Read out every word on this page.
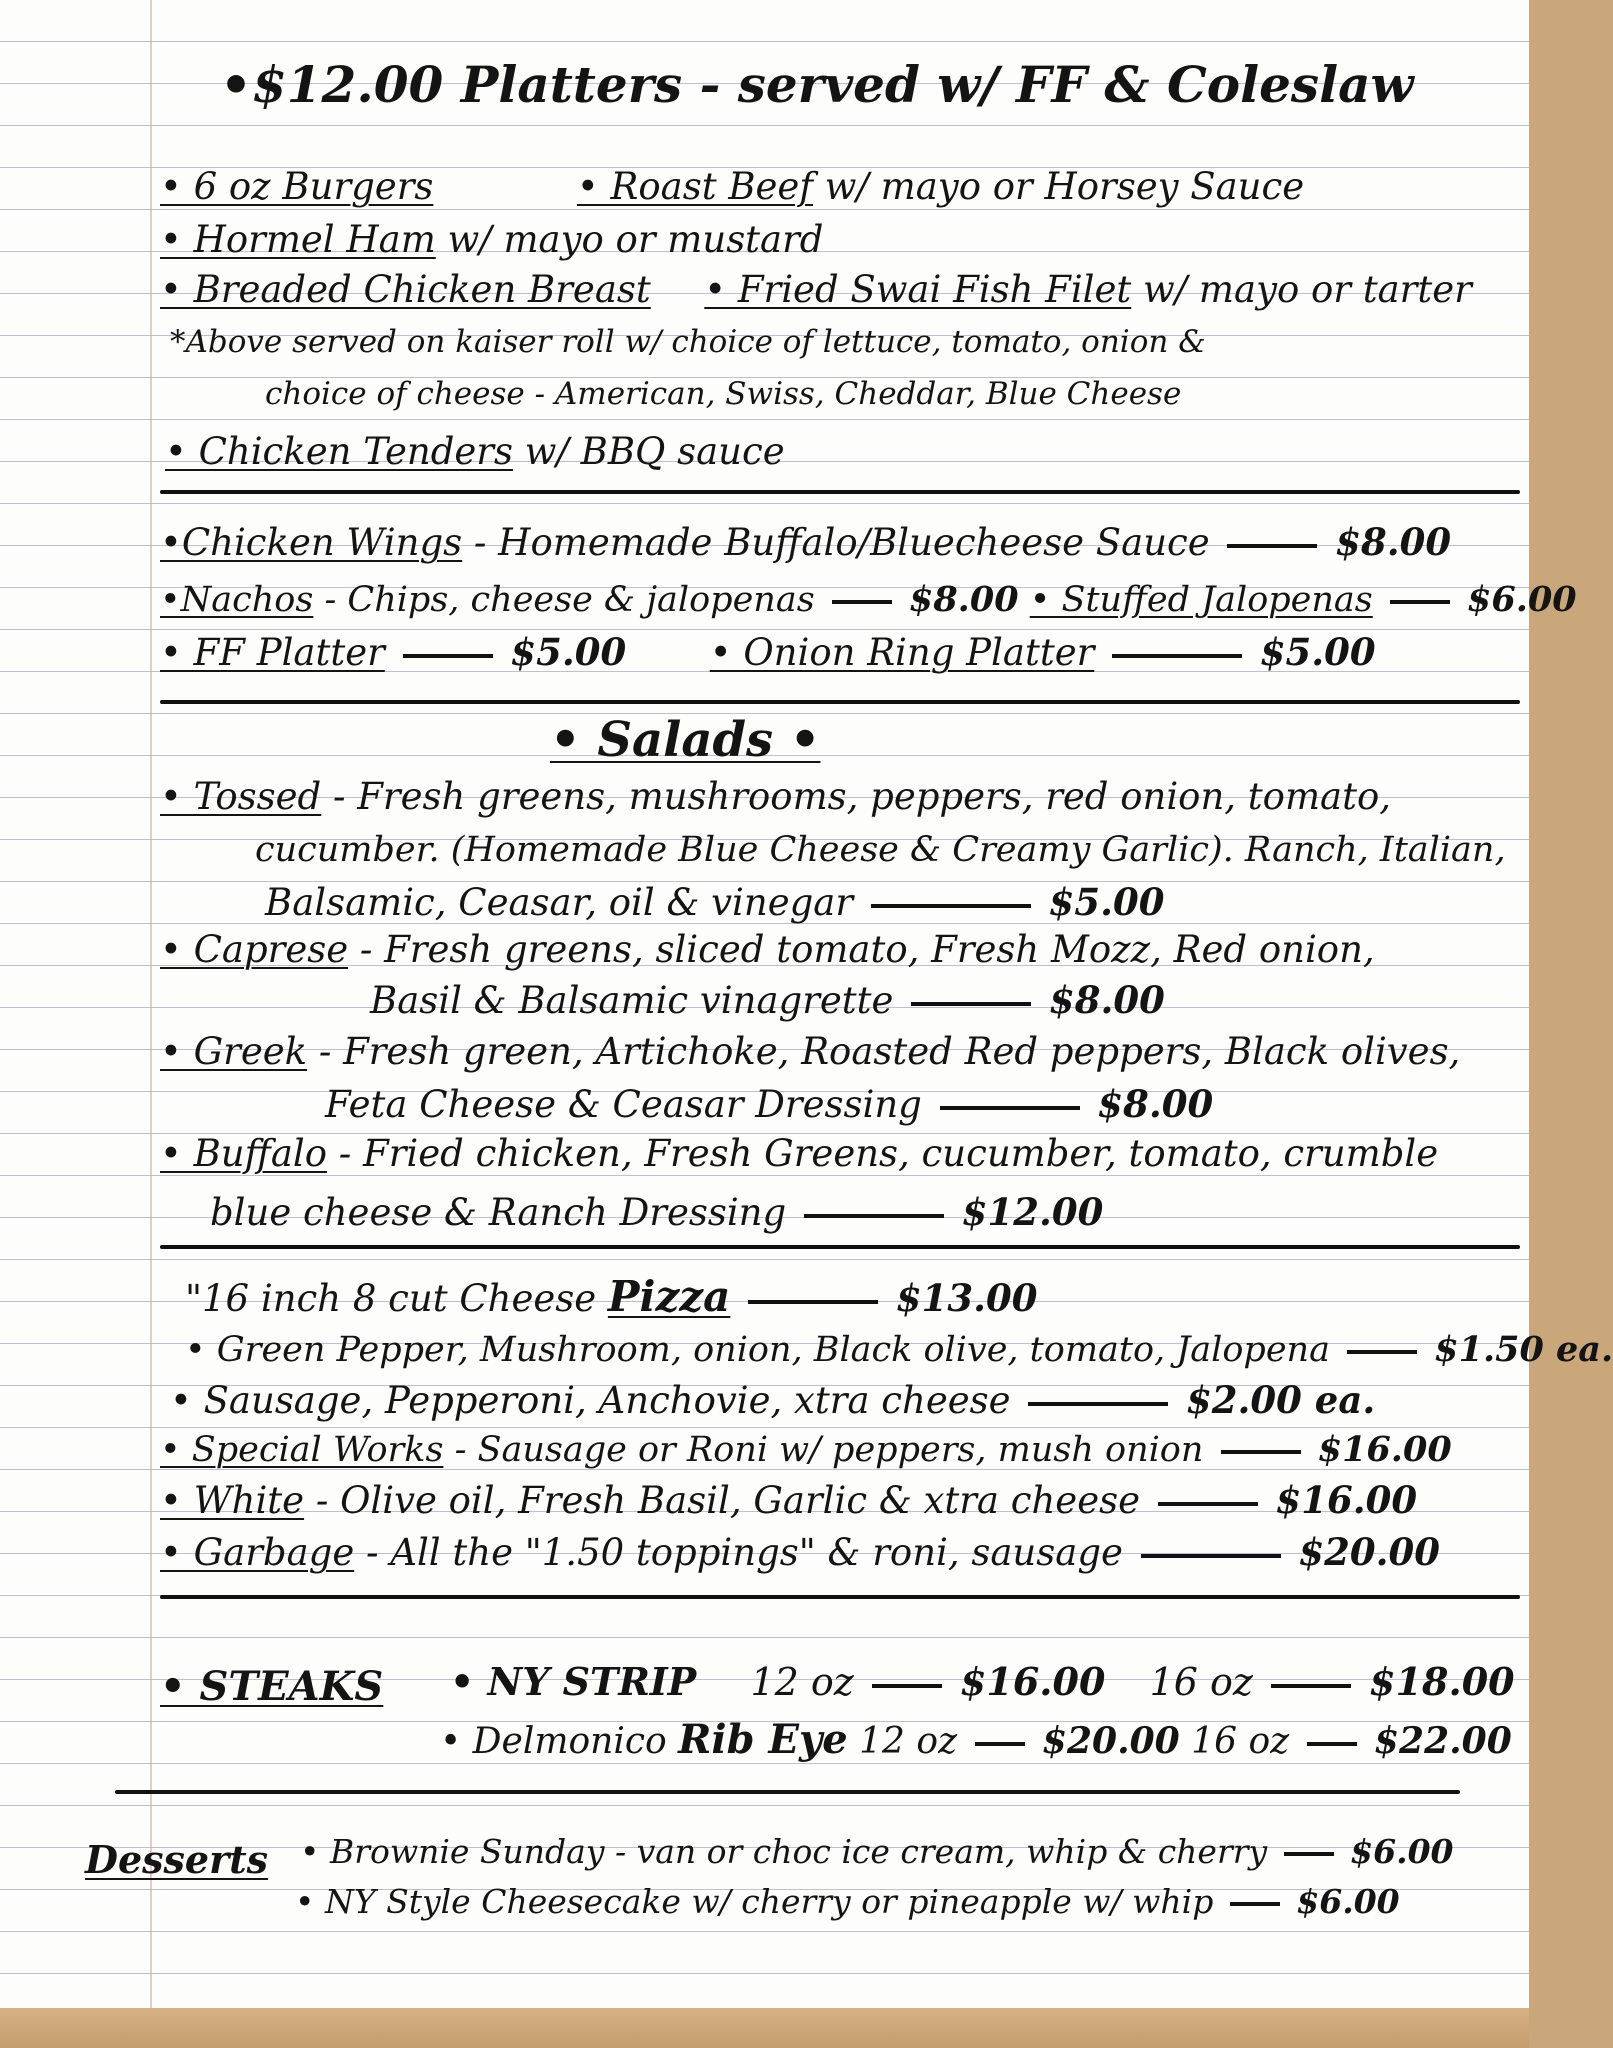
•$12.00 Platters - served w/ FF & Coleslaw
• 6 oz Burgers	• Roast Beef w/ mayo or Horsey Sauce
• Hormel Ham w/ mayo or mustard
• Breaded Chicken Breast • Fried Swai Fish Filet w/ mayo or tarter
*Above served on kaiser roll w/ choice of lettuce, tomato, onion &
choice of cheese - American, Swiss, Cheddar, Blue Cheese
• Chicken Tenders w/ BBQ sauce
•Chicken Wings - Homemade Buffalo/Bluecheese Sauce	$8.00
•Nachos - Chips, cheese & jalopenas	$8.00 • Stuffed Jalopenas	$6.00
• FF Platter	$5.00 • Onion Ring Platter	$5.00
• Salads •
• Tossed - Fresh greens, mushrooms, peppers, red onion, tomato,
cucumber. (Homemade Blue Cheese & Creamy Garlic). Ranch, Italian,
Balsamic, Ceasar, oil & vinegar	$5.00
• Caprese - Fresh greens, sliced tomato, Fresh Mozz, Red onion,
Basil & Balsamic vinagrette	$8.00
• Greek - Fresh green, Artichoke, Roasted Red peppers, Black olives,
Feta Cheese & Ceasar Dressing	$8.00
• Buffalo - Fried chicken, Fresh Greens, cucumber, tomato, crumble
blue cheese & Ranch Dressing	$12.00
"16 inch 8 cut Cheese Pizza	$13.00
• Green Pepper, Mushroom, onion, Black olive, tomato, Jalopena	$1.50 ea.
• Sausage, Pepperoni, Anchovie, xtra cheese	$2.00 ea.
• Special Works - Sausage or Roni w/ peppers, mush onion	$16.00
• White - Olive oil, Fresh Basil, Garlic & xtra cheese	$16.00
• Garbage - All the "1.50 toppings" & roni, sausage	$20.00
• STEAKS • NY STRIP 12 oz	$16.00 16 oz	$18.00
• Delmonico Rib Eye 12 oz $20.00 16 oz $22.00
Desserts • Brownie Sunday - van or choc ice cream, whip & cherry	$6.00
• NY Style Cheesecake w/ cherry or pineapple w/ whip	$6.00
